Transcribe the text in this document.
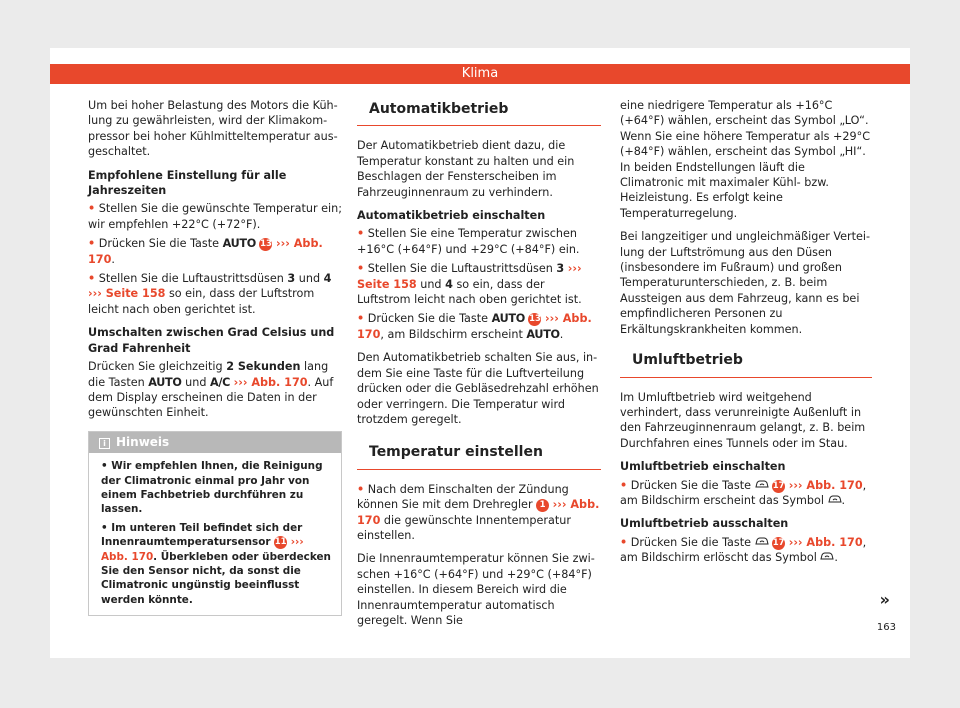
Klima

Um bei hoher Belastung des Motors die Kühlung zu gewährleisten, wird der Klimakompressor bei hoher Kühlmitteltemperatur ausgeschaltet.

Empfohlene Einstellung für alle Jahreszeiten

• Stellen Sie die gewünschte Temperatur ein; wir empfehlen +22°C (+72°F).

• Drücken Sie die Taste AUTO 13 ››› Abb. 170.

• Stellen Sie die Luftaustrittsdüsen 3 und 4 ››› Seite 158 so ein, dass der Luftstrom leicht nach oben gerichtet ist.

Umschalten zwischen Grad Celsius und Grad Fahrenheit

Drücken Sie gleichzeitig 2 Sekunden lang die Tasten AUTO und A/C ››› Abb. 170. Auf dem Display erscheinen die Daten in der gewünschten Einheit.

i Hinweis

• Wir empfehlen Ihnen, die Reinigung der Climatronic einmal pro Jahr von einem Fachbetrieb durchführen zu lassen.

• Im unteren Teil befindet sich der Innenraumtemperatursensor 11 ››› Abb. 170. Überkleben oder überdecken Sie den Sensor nicht, da sonst die Climatronic ungünstig beeinflusst werden könnte.

Automatikbetrieb

Der Automatikbetrieb dient dazu, die Temperatur konstant zu halten und ein Beschlagen der Fensterscheiben im Fahrzeuginnenraum zu verhindern.

Automatikbetrieb einschalten

• Stellen Sie eine Temperatur zwischen +16°C (+64°F) und +29°C (+84°F) ein.

• Stellen Sie die Luftaustrittsdüsen 3 ››› Seite 158 und 4 so ein, dass der Luftstrom leicht nach oben gerichtet ist.

• Drücken Sie die Taste AUTO 13 ››› Abb. 170, am Bildschirm erscheint AUTO.

Den Automatikbetrieb schalten Sie aus, indem Sie eine Taste für die Luftverteilung drücken oder die Gebläsedrehzahl erhöhen oder verringern. Die Temperatur wird trotzdem geregelt.

Temperatur einstellen

• Nach dem Einschalten der Zündung können Sie mit dem Drehregler 1 ››› Abb. 170 die gewünschte Innentemperatur einstellen.

Die Innenraumtemperatur können Sie zwischen +16°C (+64°F) und +29°C (+84°F) einstellen. In diesem Bereich wird die Innenraumtemperatur automatisch geregelt. Wenn Sie

eine niedrigere Temperatur als +16°C (+64°F) wählen, erscheint das Symbol „LO“. Wenn Sie eine höhere Temperatur als +29°C (+84°F) wählen, erscheint das Symbol „HI“. In beiden Endstellungen läuft die Climatronic mit maximaler Kühl- bzw. Heizleistung. Es erfolgt keine Temperaturregelung.

Bei langzeitiger und ungleichmäßiger Verteilung der Luftströmung aus den Düsen (insbesondere im Fußraum) und großen Temperaturunterschieden, z. B. beim Aussteigen aus dem Fahrzeug, kann es bei empfindlicheren Personen zu Erkältungskrankheiten kommen.

Umluftbetrieb

Im Umluftbetrieb wird weitgehend verhindert, dass verunreinigte Außenluft in den Fahrzeuginnenraum gelangt, z. B. beim Durchfahren eines Tunnels oder im Stau.

Umluftbetrieb einschalten

• Drücken Sie die Taste	17 ››› Abb. 170, am Bildschirm erscheint das Symbol .

Umluftbetrieb ausschalten

• Drücken Sie die Taste	17 ››› Abb. 170, am Bildschirm erlöscht das Symbol .

»
163
